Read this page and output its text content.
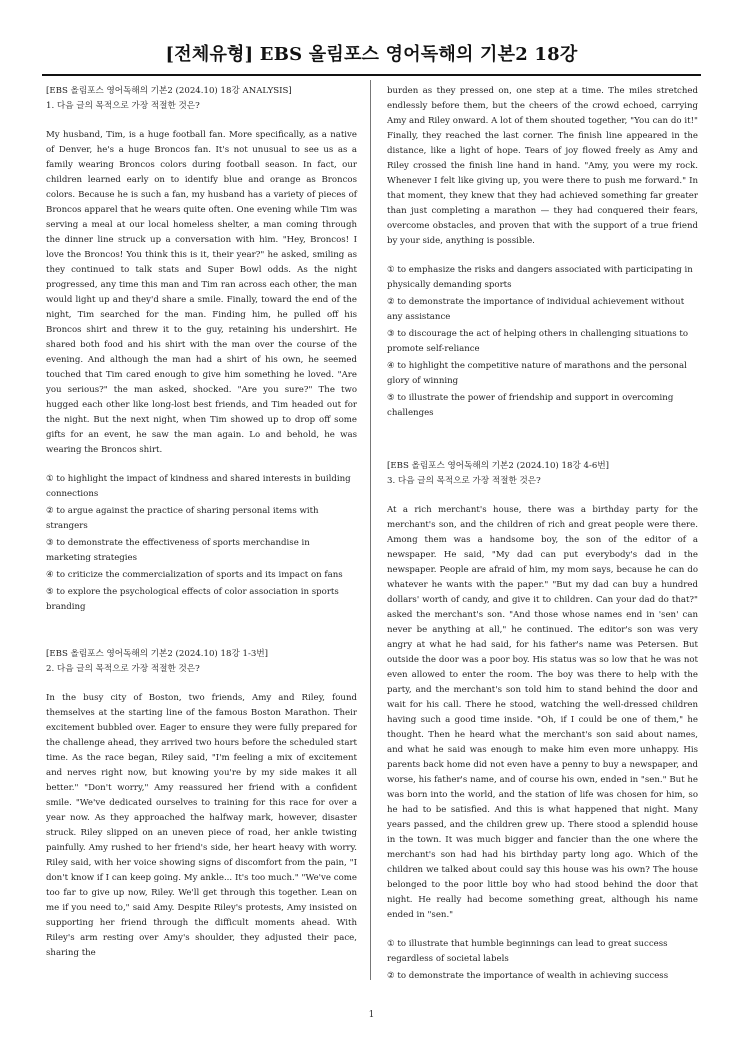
[전체유형] EBS 올림포스 영어독해의 기본2 18강

[EBS 올림포스 영어독해의 기본2 (2024.10) 18강 ANALYSIS]

1. 다음 글의 목적으로 가장 적절한 것은?

My husband, Tim, is a huge football fan. More specifically, as a native of Denver, he's a huge Broncos fan. It's not unusual to see us as a family wearing Broncos colors during football season. In fact, our children learned early on to identify blue and orange as Broncos colors. Because he is such a fan, my husband has a variety of pieces of Broncos apparel that he wears quite often. One evening while Tim was serving a meal at our local homeless shelter, a man coming through the dinner line struck up a conversation with him. "Hey, Broncos! I love the Broncos! You think this is it, their year?" he asked, smiling as they continued to talk stats and Super Bowl odds. As the night progressed, any time this man and Tim ran across each other, the man would light up and they'd share a smile. Finally, toward the end of the night, Tim searched for the man. Finding him, he pulled off his Broncos shirt and threw it to the guy, retaining his undershirt. He shared both food and his shirt with the man over the course of the evening. And although the man had a shirt of his own, he seemed touched that Tim cared enough to give him something he loved. "Are you serious?" the man asked, shocked. "Are you sure?" The two hugged each other like long-lost best friends, and Tim headed out for the night. But the next night, when Tim showed up to drop off some gifts for an event, he saw the man again. Lo and behold, he was wearing the Broncos shirt.

① to highlight the impact of kindness and shared interests in building connections
② to argue against the practice of sharing personal items with strangers
③ to demonstrate the effectiveness of sports merchandise in marketing strategies
④ to criticize the commercialization of sports and its impact on fans
⑤ to explore the psychological effects of color association in sports branding

[EBS 올림포스 영어독해의 기본2 (2024.10) 18강 1-3번]

2. 다음 글의 목적으로 가장 적절한 것은?

In the busy city of Boston, two friends, Amy and Riley, found themselves at the starting line of the famous Boston Marathon. Their excitement bubbled over. Eager to ensure they were fully prepared for the challenge ahead, they arrived two hours before the scheduled start time. As the race began, Riley said, "I'm feeling a mix of excitement and nerves right now, but knowing you're by my side makes it all better." "Don't worry," Amy reassured her friend with a confident smile. "We've dedicated ourselves to training for this race for over a year now. As they approached the halfway mark, however, disaster struck. Riley slipped on an uneven piece of road, her ankle twisting painfully. Amy rushed to her friend's side, her heart heavy with worry. Riley said, with her voice showing signs of discomfort from the pain, "I don't know if I can keep going. My ankle... It's too much." "We've come too far to give up now, Riley. We'll get through this together. Lean on me if you need to," said Amy. Despite Riley's protests, Amy insisted on supporting her friend through the difficult moments ahead. With Riley's arm resting over Amy's shoulder, they adjusted their pace, sharing the

burden as they pressed on, one step at a time. The miles stretched endlessly before them, but the cheers of the crowd echoed, carrying Amy and Riley onward. A lot of them shouted together, "You can do it!" Finally, they reached the last corner. The finish line appeared in the distance, like a light of hope. Tears of joy flowed freely as Amy and Riley crossed the finish line hand in hand. "Amy, you were my rock. Whenever I felt like giving up, you were there to push me forward." In that moment, they knew that they had achieved something far greater than just completing a marathon — they had conquered their fears, overcome obstacles, and proven that with the support of a true friend by your side, anything is possible.

① to emphasize the risks and dangers associated with participating in physically demanding sports
② to demonstrate the importance of individual achievement without any assistance
③ to discourage the act of helping others in challenging situations to promote self-reliance
④ to highlight the competitive nature of marathons and the personal glory of winning
⑤ to illustrate the power of friendship and support in overcoming challenges

[EBS 올림포스 영어독해의 기본2 (2024.10) 18강 4-6번]

3. 다음 글의 목적으로 가장 적절한 것은?

At a rich merchant's house, there was a birthday party for the merchant's son, and the children of rich and great people were there. Among them was a handsome boy, the son of the editor of a newspaper. He said, "My dad can put everybody's dad in the newspaper. People are afraid of him, my mom says, because he can do whatever he wants with the paper." "But my dad can buy a hundred dollars' worth of candy, and give it to children. Can your dad do that?" asked the merchant's son. "And those whose names end in 'sen' can never be anything at all," he continued. The editor's son was very angry at what he had said, for his father's name was Petersen. But outside the door was a poor boy. His status was so low that he was not even allowed to enter the room. The boy was there to help with the party, and the merchant's son told him to stand behind the door and wait for his call. There he stood, watching the well-dressed children having such a good time inside. "Oh, if I could be one of them," he thought. Then he heard what the merchant's son said about names, and what he said was enough to make him even more unhappy. His parents back home did not even have a penny to buy a newspaper, and worse, his father's name, and of course his own, ended in "sen." But he was born into the world, and the station of life was chosen for him, so he had to be satisfied. And this is what happened that night. Many years passed, and the children grew up. There stood a splendid house in the town. It was much bigger and fancier than the one where the merchant's son had had his birthday party long ago. Which of the children we talked about could say this house was his own? The house belonged to the poor little boy who had stood behind the door that night. He really had become something great, although his name ended in "sen."

① to illustrate that humble beginnings can lead to great success regardless of societal labels
② to demonstrate the importance of wealth in achieving success
1
